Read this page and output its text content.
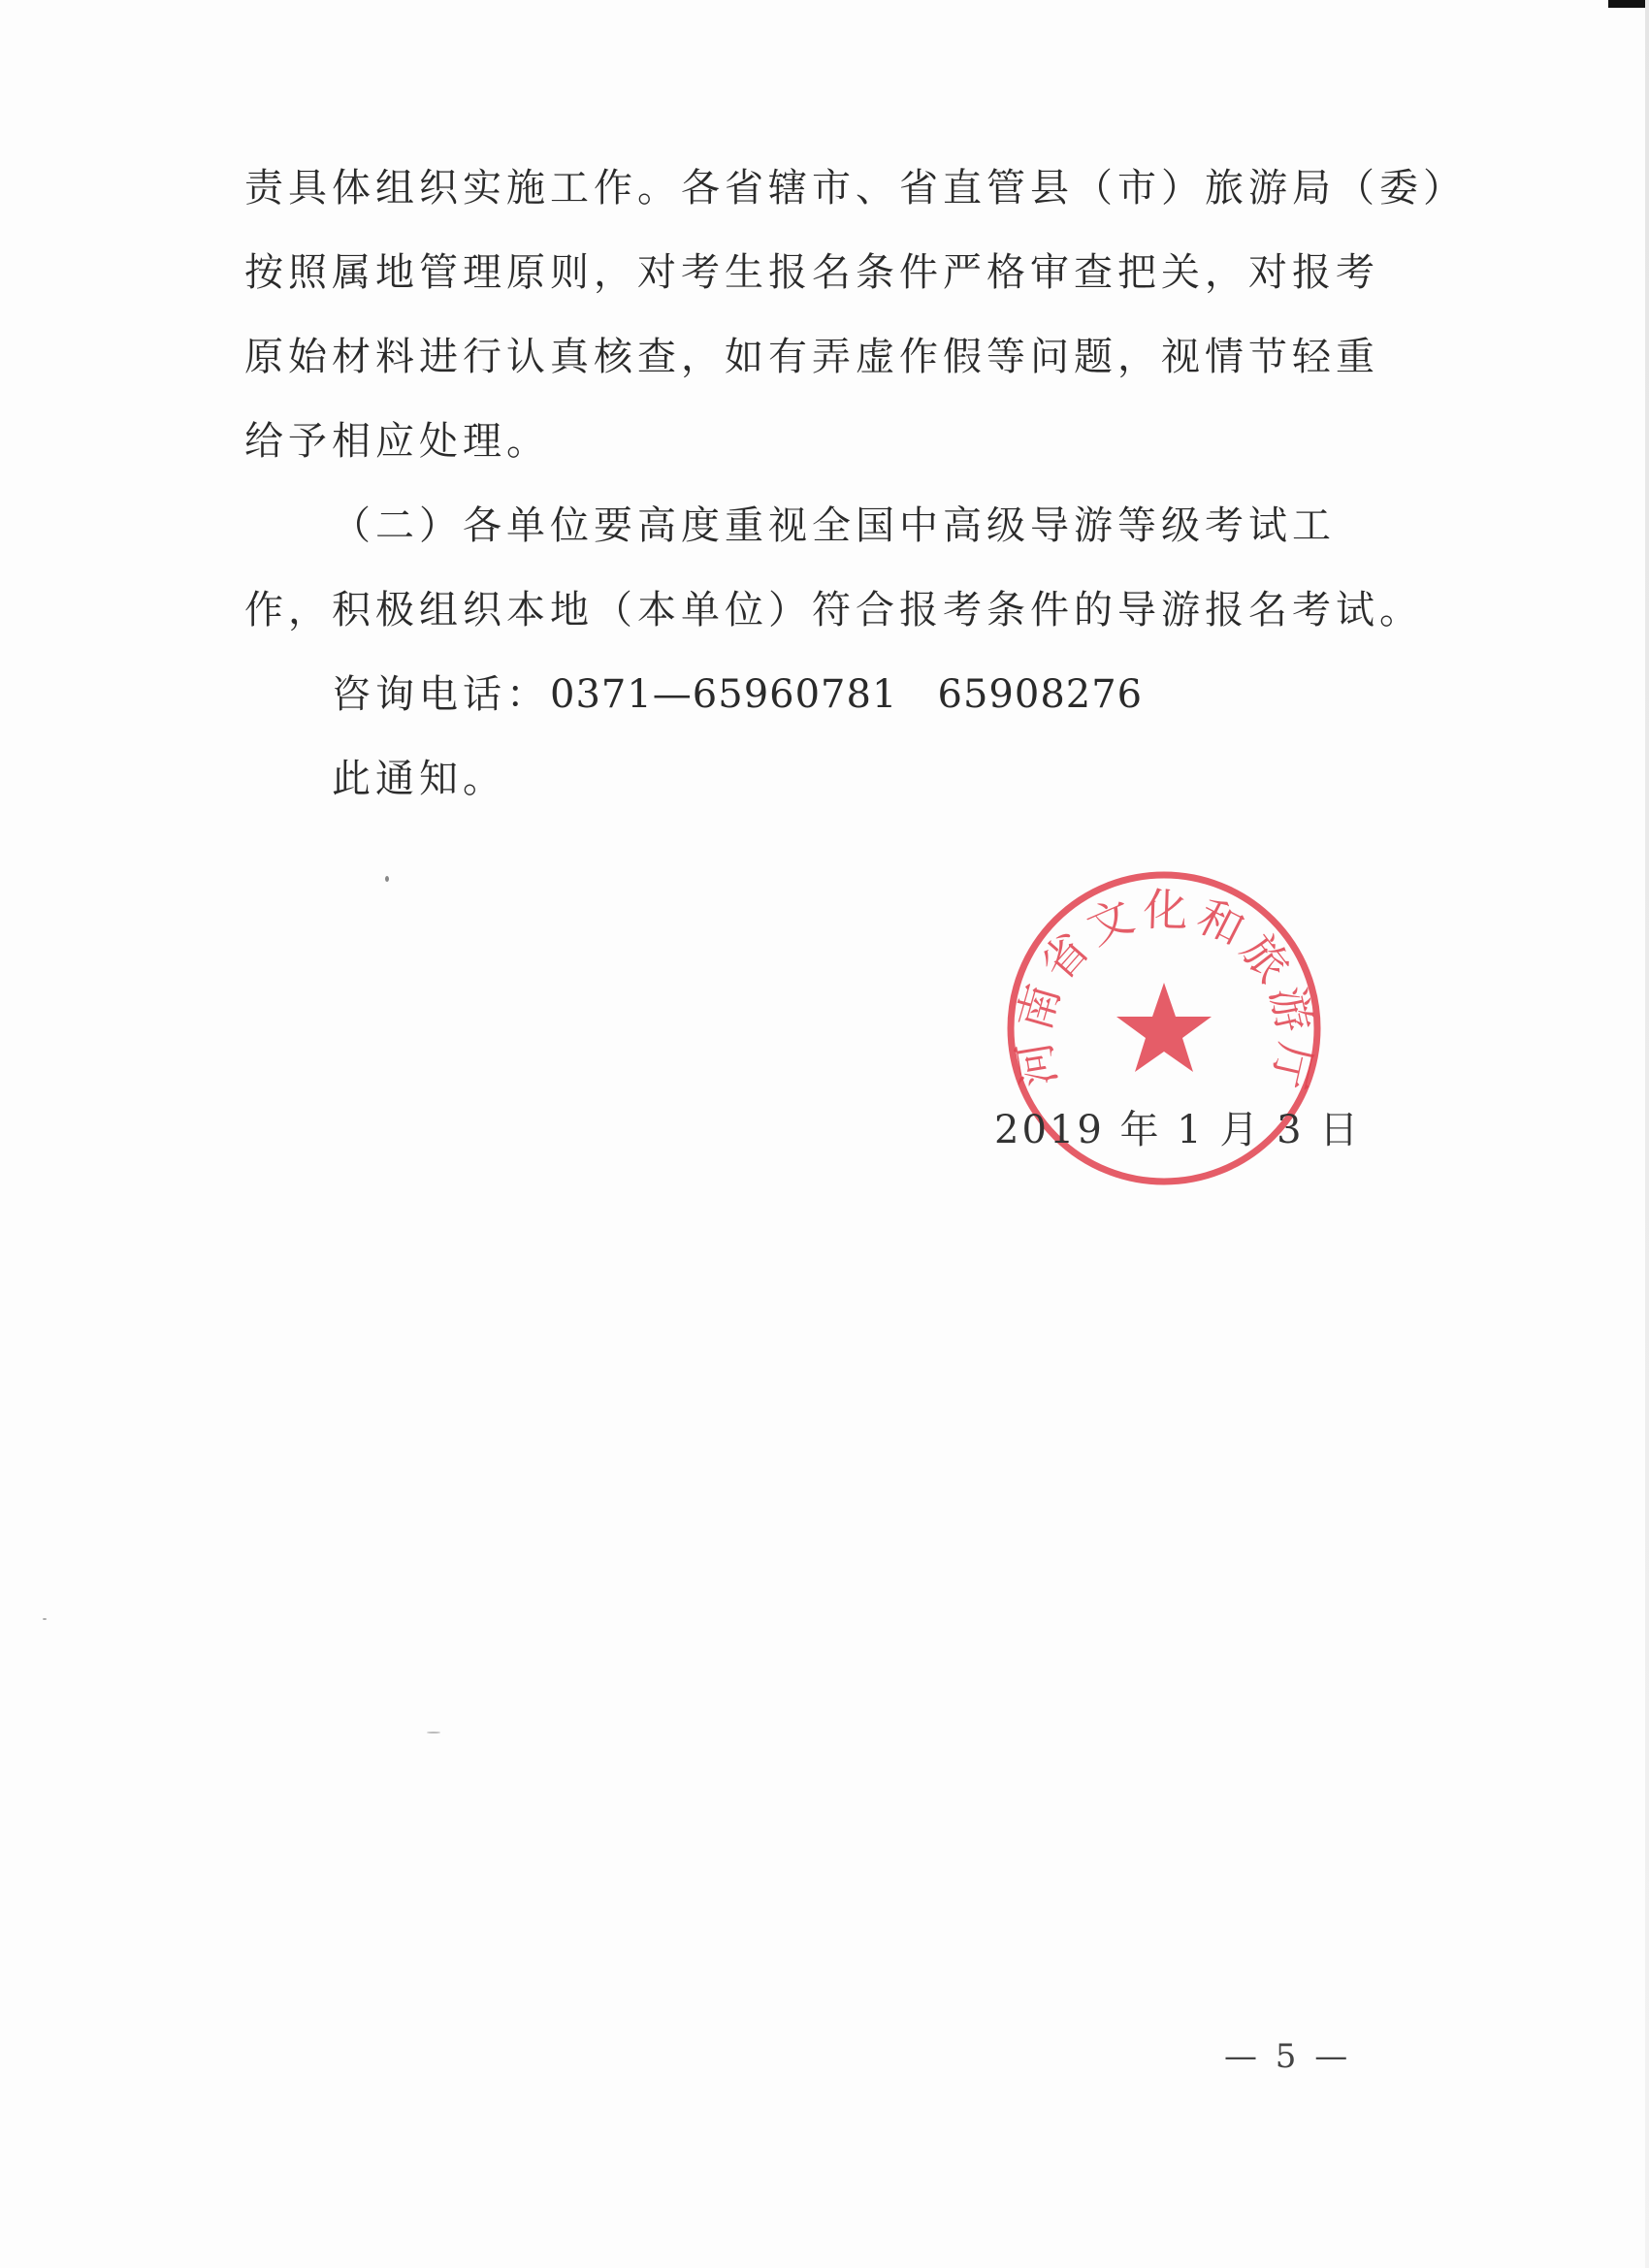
责具体组织实施工作。各省辖市、省直管县（市）旅游局（委）
按照属地管理原则，对考生报名条件严格审查把关，对报考
原始材料进行认真核查，如有弄虚作假等问题，视情节轻重
给予相应处理。
（二）各单位要高度重视全国中高级导游等级考试工
作，积极组织本地（本单位）符合报考条件的导游报名考试。
咨询电话：0371—65960781   65908276
此通知。
河南省文化和旅游厅
2019 年 1 月 3 日
— 5 —
